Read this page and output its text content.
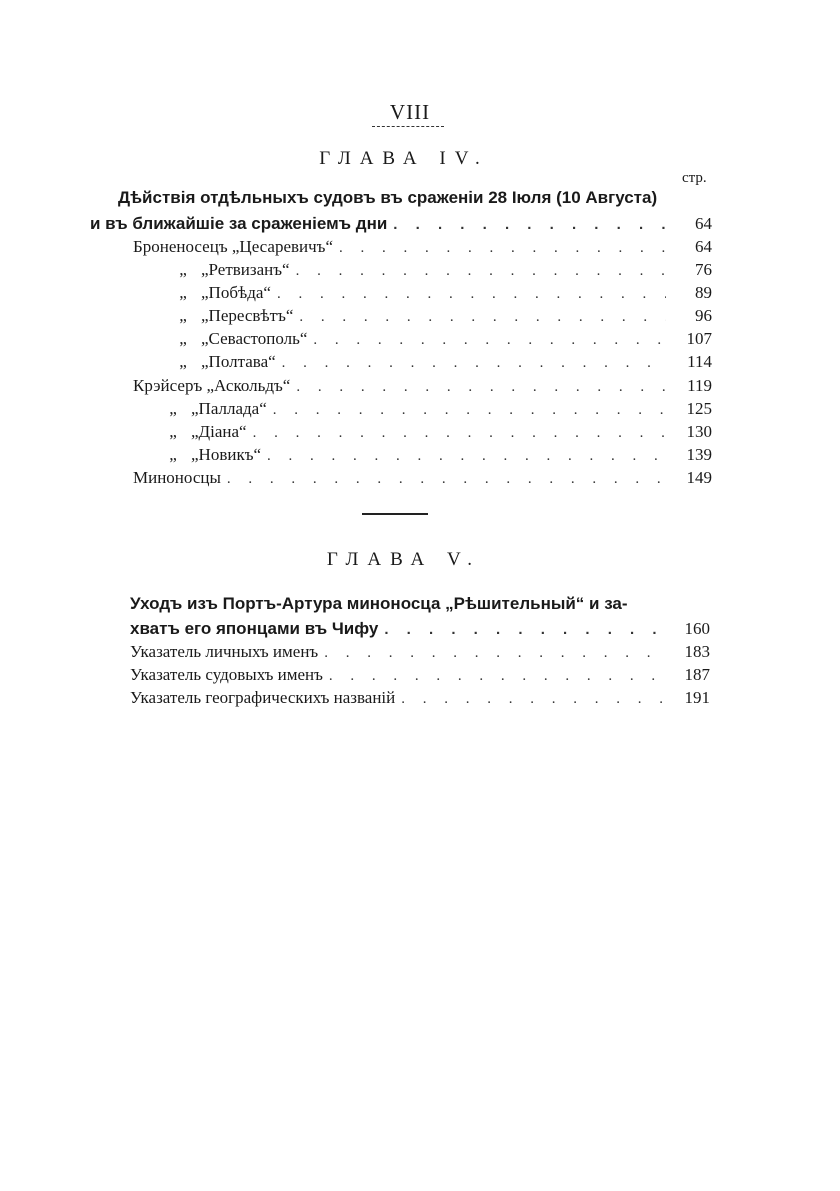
VIII
ГЛАВА IV.
стр.
Дѣйствія отдѣльныхъ судовъ въ сраженіи 28 Іюля (10 Августа)
и въ ближайшіе за сраженіемъ дни . . .	64
Броненосецъ
„Цесаревичъ“ . . .	64
„ „Ретвизанъ“ . . .	76
„ „Побѣда“ . . .	89
„ „Пересвѣтъ“ . . .	96
„ „Севастополь“ . . .	107
„ „Полтава“ . . .	114
Крэйсеръ
„Аскольдъ“ . . .	119
„ „Паллада“ . . .	125
„ „Діана“ . . .	130
„ „Новикъ“ . . .	139
Миноносцы . . .	149
ГЛАВА V.
Уходъ изъ Портъ-Артура миноносца „Рѣшительный“ и за-
хватъ его японцами въ Чифу . . .	160
Указатель личныхъ именъ . . .	183
Указатель судовыхъ именъ . . .	187
Указатель географическихъ названій . . .	191
